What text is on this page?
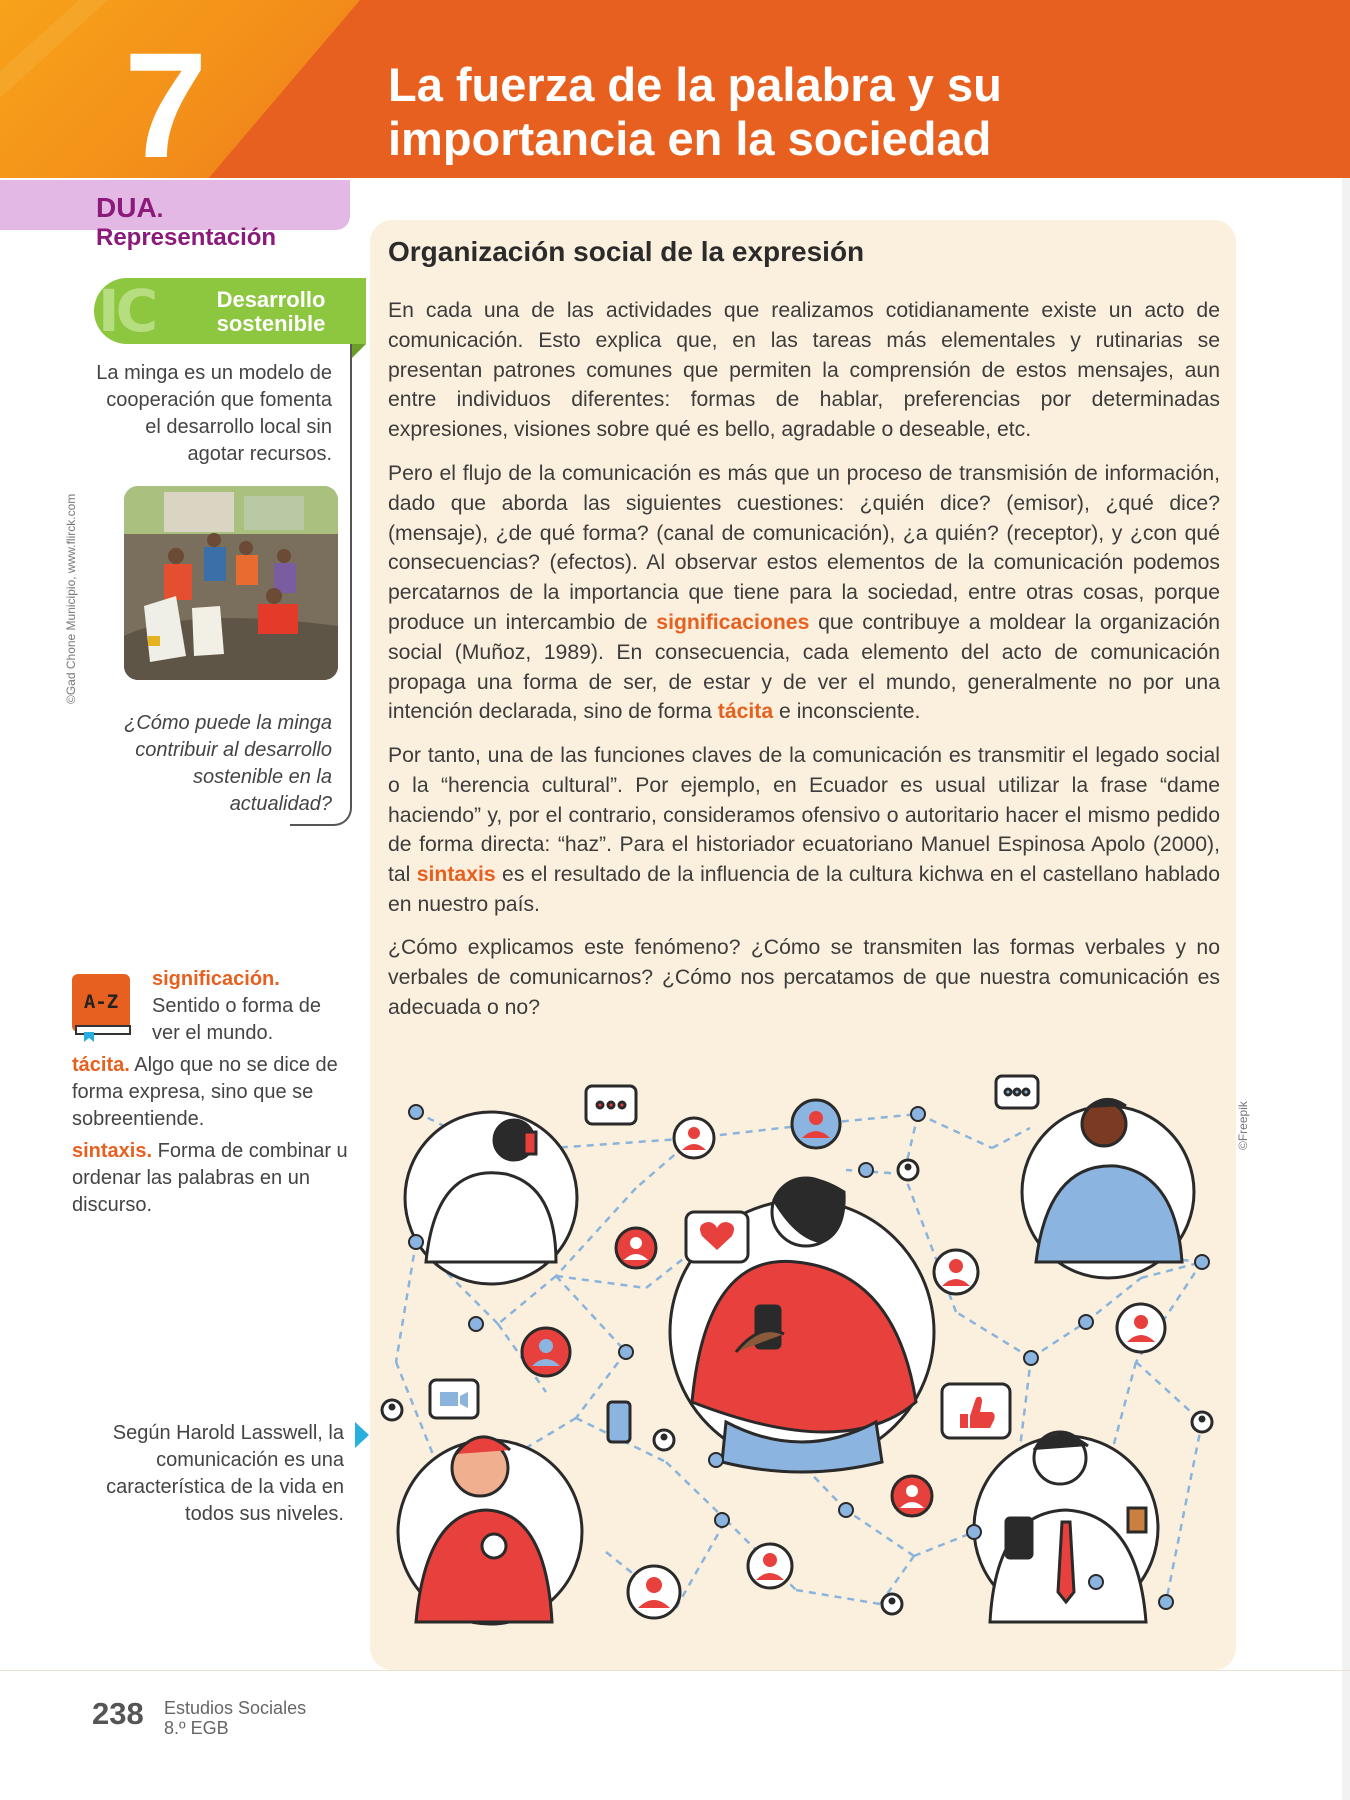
7	La fuerza de la palabra y su
importancia en la sociedad
DUA. Representación
IC	Desarrollo
sostenible
La minga es un modelo de cooperación que fomenta el desarrollo local sin agotar recursos.
©Gad Chone Municipio, www.flirck.com
¿Cómo puede la minga contribuir al desarrollo sostenible en la actualidad?
A-Z
significación. Sentido o forma de ver el mundo.
tácita. Algo que no se dice de forma expresa, sino que se sobreentiende.
sintaxis. Forma de combinar u ordenar las palabras en un discurso.
Según Harold Lasswell, la comunicación es una característica de la vida en todos sus niveles.
Organización social de la expresión
En cada una de las actividades que realizamos cotidianamente existe un acto de comunicación. Esto explica que, en las tareas más elementales y rutinarias se presentan patrones comunes que permiten la comprensión de estos mensajes, aun entre individuos diferentes: formas de hablar, preferencias por determinadas expresiones, visiones sobre qué es bello, agradable o deseable, etc.
Pero el flujo de la comunicación es más que un proceso de transmisión de información, dado que aborda las siguientes cuestiones: ¿quién dice? (emisor), ¿qué dice? (mensaje), ¿de qué forma? (canal de comunicación), ¿a quién? (receptor), y ¿con qué consecuencias? (efectos). Al observar estos elementos de la comunicación podemos percatarnos de la importancia que tiene para la sociedad, entre otras cosas, porque produce un intercambio de significaciones que contribuye a moldear la organización social (Muñoz, 1989). En consecuencia, cada elemento del acto de comunicación propaga una forma de ser, de estar y de ver el mundo, generalmente no por una intención declarada, sino de forma tácita e inconsciente.
Por tanto, una de las funciones claves de la comunicación es transmitir el legado social o la “herencia cultural”. Por ejemplo, en Ecuador es usual utilizar la frase “dame haciendo” y, por el contrario, consideramos ofensivo o autoritario hacer el mismo pedido de forma directa: “haz”. Para el historiador ecuatoriano Manuel Espinosa Apolo (2000), tal sintaxis es el resultado de la influencia de la cultura kichwa en el castellano hablado en nuestro país.
¿Cómo explicamos este fenómeno? ¿Cómo se transmiten las formas verbales y no verbales de comunicarnos? ¿Cómo nos percatamos de que nuestra comunicación es adecuada o no?
©Freepik
238 Estudios Sociales
8.º EGB
